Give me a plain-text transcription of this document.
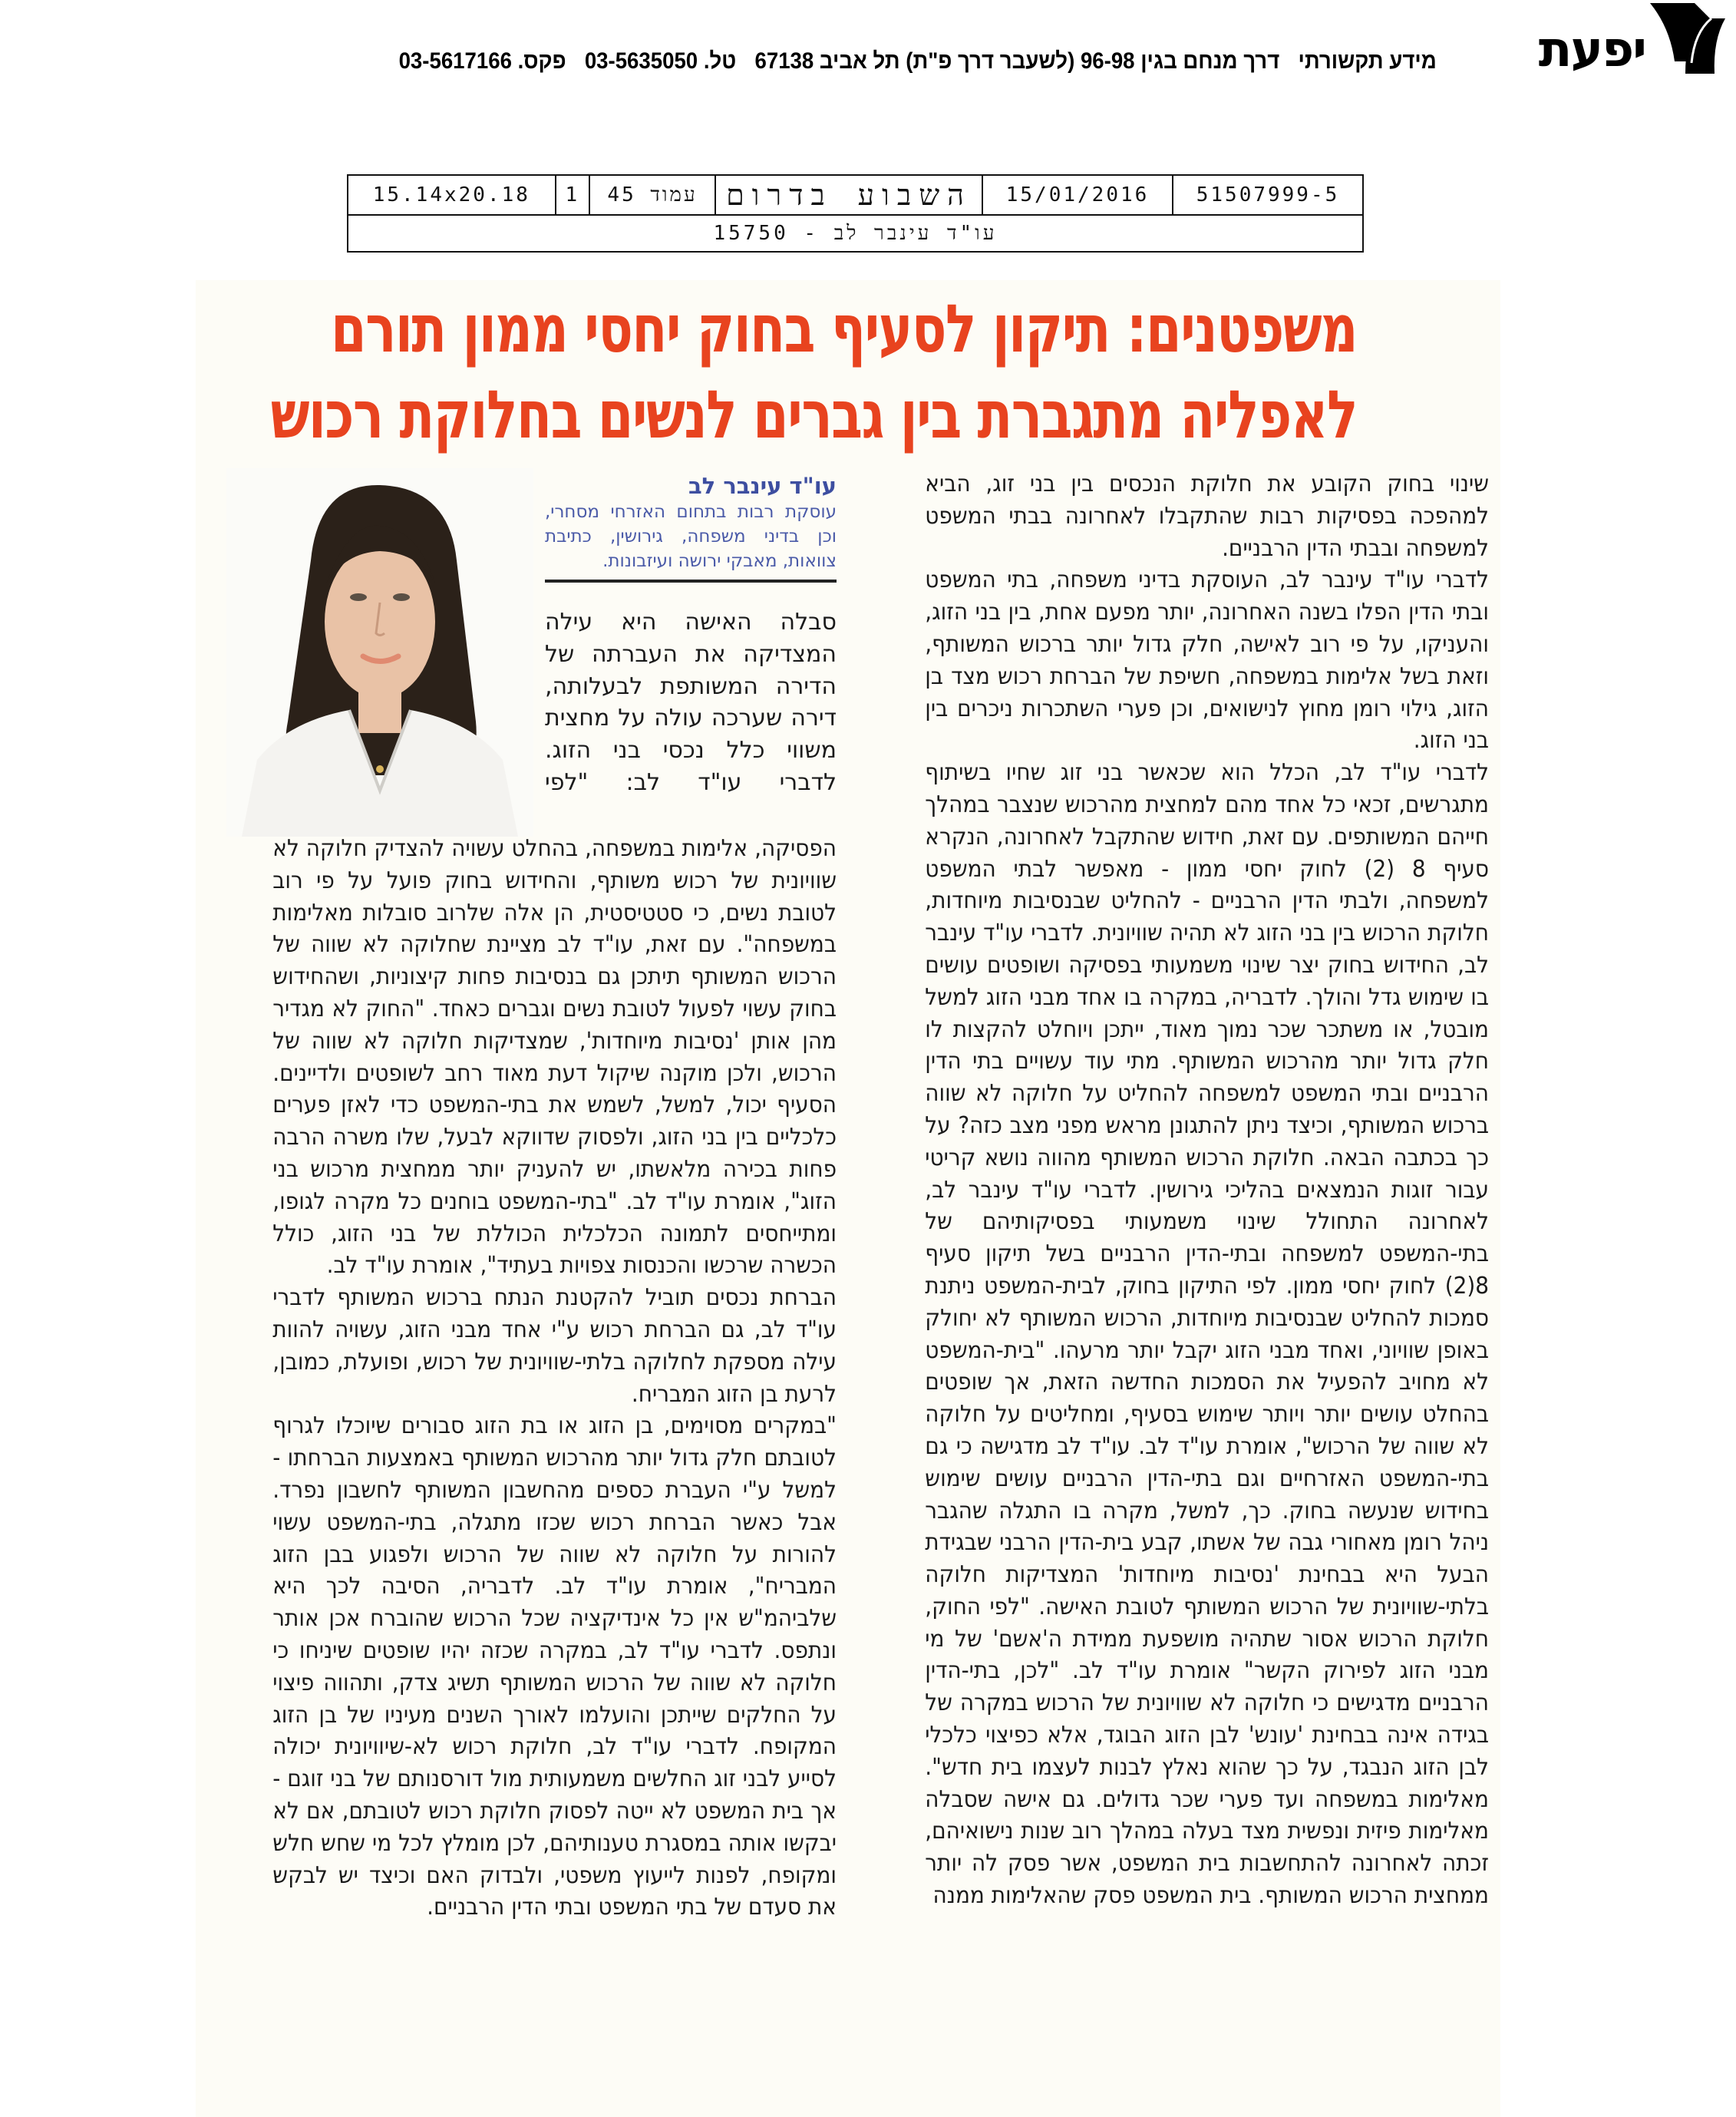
יפעת
מידע תקשורתי דרך מנחם בגין 96-98 (לשעבר דרך פ"ת) תל אביב 67138 טל. 03-5635050 פקס. 03-5617166
51507999-5	15/01/2016	השבוע בדרום	עמוד 45	1	15.14x20.18
עו"ד עינבר לב - 15750
משפטנים: תיקון לסעיף בחוק יחסי ממון תורם
לאפליה מתגברת בין גברים לנשים בחלוקת רכוש

שינוי בחוק הקובע את חלוקת הנכסים בין בני זוג, הביא למהפכה בפסיקות רבות שהתקבלו לאחרונה בבתי המשפט למשפחה ובבתי הדין הרבניים.

לדברי עו"ד עינבר לב, העוסקת בדיני משפחה, בתי המשפט ובתי הדין הפלו בשנה האחרונה, יותר מפעם אחת, בין בני הזוג, והעניקו, על פי רוב לאישה, חלק גדול יותר ברכוש המשותף, וזאת בשל אלימות במשפחה, חשיפת של הברחת רכוש מצד בן הזוג, גילוי רומן מחוץ לנישואים, וכן פערי השתכרות ניכרים בין בני הזוג.

לדברי עו"ד לב, הכלל הוא שכאשר בני זוג שחיו בשיתוף מתגרשים, זכאי כל אחד מהם למחצית מהרכוש שנצבר במהלך חייהם המשותפים. עם זאת, חידוש שהתקבל לאחרונה, הנקרא סעיף 8 (2) לחוק יחסי ממון - מאפשר לבתי המשפט למשפחה, ולבתי הדין הרבניים - להחליט שבנסיבות מיוחדות, חלוקת הרכוש בין בני הזוג לא תהיה שוויונית. לדברי עו"ד עינבר לב, החידוש בחוק יצר שינוי משמעותי בפסיקה ושופטים עושים בו שימוש גדל והולך. לדבריה, במקרה בו אחד מבני הזוג למשל מובטל, או משתכר שכר נמוך מאוד, ייתכן ויוחלט להקצות לו חלק גדול יותר מהרכוש המשותף. מתי עוד עשויים בתי הדין הרבניים ובתי המשפט למשפחה להחליט על חלוקה לא שווה ברכוש המשותף, וכיצד ניתן להתגונן מראש מפני מצב כזה? על כך בכתבה הבאה. חלוקת הרכוש המשותף מהווה נושא קריטי עבור זוגות הנמצאים בהליכי גירושין. לדברי עו"ד עינבר לב, לאחרונה התחולל שינוי משמעותי בפסיקותיהם של בתי-המשפט למשפחה ובתי-הדין הרבניים בשל תיקון סעיף 8(2) לחוק יחסי ממון. לפי התיקון בחוק, לבית-המשפט ניתנת סמכות להחליט שבנסיבות מיוחדות, הרכוש המשותף לא יחולק באופן שוויוני, ואחד מבני הזוג יקבל יותר מרעהו. "בית-המשפט לא מחויב להפעיל את הסמכות החדשה הזאת, אך שופטים בהחלט עושים יותר ויותר שימוש בסעיף, ומחליטים על חלוקה לא שווה של הרכוש", אומרת עו"ד לב. עו"ד לב מדגישה כי גם בתי-המשפט האזרחיים וגם בתי-הדין הרבניים עושים שימוש בחידוש שנעשה בחוק. כך, למשל, מקרה בו התגלה שהגבר ניהל רומן מאחורי גבה של אשתו, קבע בית-הדין הרבני שבגידת הבעל היא בבחינת 'נסיבות מיוחדות' המצדיקות חלוקה בלתי-שוויונית של הרכוש המשותף לטובת האישה. "לפי החוק, חלוקת הרכוש אסור שתהיה מושפעת ממידת ה'אשם' של מי מבני הזוג לפירוק הקשר" אומרת עו"ד לב. "לכן, בתי-הדין הרבניים מדגישים כי חלוקה לא שוויונית של הרכוש במקרה של בגידה אינה בבחינת 'עונש' לבן הזוג הבוגד, אלא כפיצוי כלכלי לבן הזוג הנבגד, על כך שהוא נאלץ לבנות לעצמו בית חדש". מאלימות במשפחה ועד פערי שכר גדולים. גם אישה שסבלה מאלימות פיזית ונפשית מצד בעלה במהלך רוב שנות נישואיהם, זכתה לאחרונה להתחשבות בית המשפט, אשר פסק לה יותר ממחצית הרכוש המשותף. בית המשפט פסק שהאלימות ממנה

עו"ד עינבר לב
עוסקת רבות בתחום האזרחי מסחרי, וכן בדיני משפחה, גירושין, כתיבת צוואות, מאבקי ירושה ועיזבונות.

סבלה האישה היא עילה המצדיקה את העברתה של הדירה המשותפת לבעלותה, דירה שערכה עולה על מחצית משווי כלל נכסי בני הזוג.

לדברי עו"ד לב: "לפי

הפסיקה, אלימות במשפחה, בהחלט עשויה להצדיק חלוקה לא שוויונית של רכוש משותף, והחידוש בחוק פועל על פי רוב לטובת נשים, כי סטטיסטית, הן אלה שלרוב סובלות מאלימות במשפחה". עם זאת, עו"ד לב מציינת שחלוקה לא שווה של הרכוש המשותף תיתכן גם בנסיבות פחות קיצוניות, ושהחידוש בחוק עשוי לפעול לטובת נשים וגברים כאחד. "החוק לא מגדיר מהן אותן 'נסיבות מיוחדות', שמצדיקות חלוקה לא שווה של הרכוש, ולכן מוקנה שיקול דעת מאוד רחב לשופטים ולדיינים. הסעיף יכול, למשל, לשמש את בתי-המשפט כדי לאזן פערים כלכליים בין בני הזוג, ולפסוק שדווקא לבעל, שלו משרה הרבה פחות בכירה מלאשתו, יש להעניק יותר ממחצית מרכוש בני הזוג", אומרת עו"ד לב. "בתי-המשפט בוחנים כל מקרה לגופו, ומתייחסים לתמונה הכלכלית הכוללת של בני הזוג, כולל הכשרה שרכשו והכנסות צפויות בעתיד", אומרת עו"ד לב.

הברחת נכסים תוביל להקטנת הנתח ברכוש המשותף לדברי עו"ד לב, גם הברחת רכוש ע"י אחד מבני הזוג, עשויה להוות עילה מספקת לחלוקה בלתי-שוויונית של רכוש, ופועלת, כמובן, לרעת בן הזוג המבריח.

"במקרים מסוימים, בן הזוג או בת הזוג סבורים שיוכלו לגרוף לטובתם חלק גדול יותר מהרכוש המשותף באמצעות הברחתו - למשל ע"י העברת כספים מהחשבון המשותף לחשבון נפרד. אבל כאשר הברחת רכוש שכזו מתגלה, בתי-המשפט עשוי להורות על חלוקה לא שווה של הרכוש ולפגוע בבן הזוג המבריח", אומרת עו"ד לב. לדבריה, הסיבה לכך היא שלביהמ"ש אין כל אינדיקציה שכל הרכוש שהוברח אכן אותר ונתפס. לדברי עו"ד לב, במקרה שכזה יהיו שופטים שיניחו כי חלוקה לא שווה של הרכוש המשותף תשיג צדק, ותהווה פיצוי על החלקים שייתכן והועלמו לאורך השנים מעיניו של בן הזוג המקופח. לדברי עו"ד לב, חלוקת רכוש לא-שיוויונית יכולה לסייע לבני זוג החלשים משמעותית מול דורסנותם של בני זוגם - אך בית המשפט לא ייטה לפסוק חלוקת רכוש לטובתם, אם לא יבקשו אותה במסגרת טענותיהם, לכן מומלץ לכל מי שחש חלש ומקופח, לפנות לייעוץ משפטי, ולבדוק האם וכיצד יש לבקש את סעדם של בתי המשפט ובתי הדין הרבניים.
